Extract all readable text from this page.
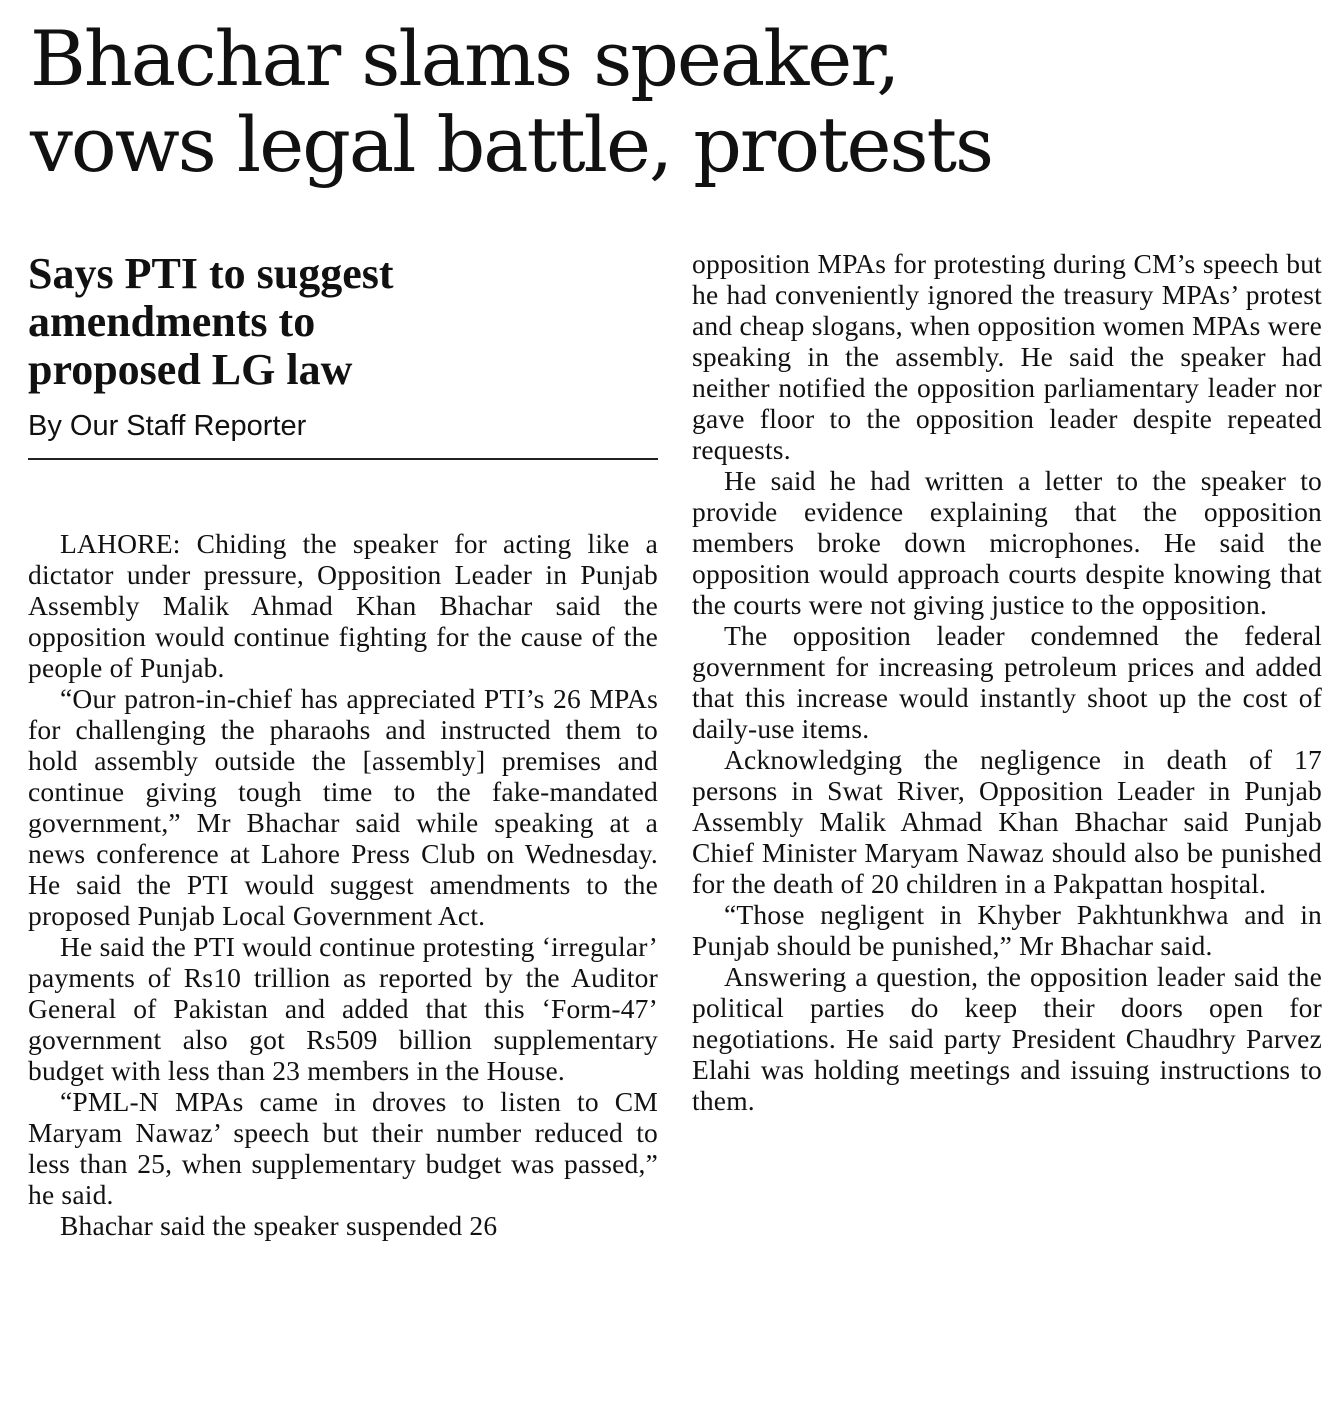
Bhachar slams speaker,
vows legal battle, protests
Says PTI to suggest
amendments to
proposed LG law
By Our Staff Reporter

LAHORE: Chiding the speaker for acting like a dictator under pressure, Opposition Leader in Punjab Assembly Malik Ahmad Khan Bhachar said the opposition would continue fighting for the cause of the people of Punjab.

“Our patron-in-chief has appreciated PTI’s 26 MPAs for challenging the pharaohs and instructed them to hold assembly outside the [assembly] premises and continue giving tough time to the fake-mandated government,” Mr Bhachar said while speaking at a news conference at Lahore Press Club on Wednesday. He said the PTI would suggest amendments to the proposed Punjab Local Government Act.

He said the PTI would continue protesting ‘irregular’ payments of Rs10 trillion as reported by the Auditor General of Pakistan and added that this ‘Form-47’ government also got Rs509 billion supplementary budget with less than 23 members in the House.

“PML-N MPAs came in droves to listen to CM Maryam Nawaz’ speech but their number reduced to less than 25, when supplementary budget was passed,” he said.

Bhachar said the speaker suspended 26

opposition MPAs for protesting during CM’s speech but he had conveniently ignored the treasury MPAs’ protest and cheap slogans, when opposition women MPAs were speaking in the assembly. He said the speaker had neither notified the opposition parliamentary leader nor gave floor to the opposition leader despite repeated requests.

He said he had written a letter to the speaker to provide evidence explaining that the opposition members broke down microphones. He said the opposition would approach courts despite knowing that the courts were not giving justice to the opposition.

The opposition leader condemned the federal government for increasing petroleum prices and added that this increase would instantly shoot up the cost of daily-use items.

Acknowledging the negligence in death of 17 persons in Swat River, Opposition Leader in Punjab Assembly Malik Ahmad Khan Bhachar said Punjab Chief Minister Maryam Nawaz should also be punished for the death of 20 children in a Pakpattan hospital.

“Those negligent in Khyber Pakhtunkhwa and in Punjab should be punished,” Mr Bhachar said.

Answering a question, the opposition leader said the political parties do keep their doors open for negotiations. He said party President Chaudhry Parvez Elahi was holding meetings and issuing instructions to them.
